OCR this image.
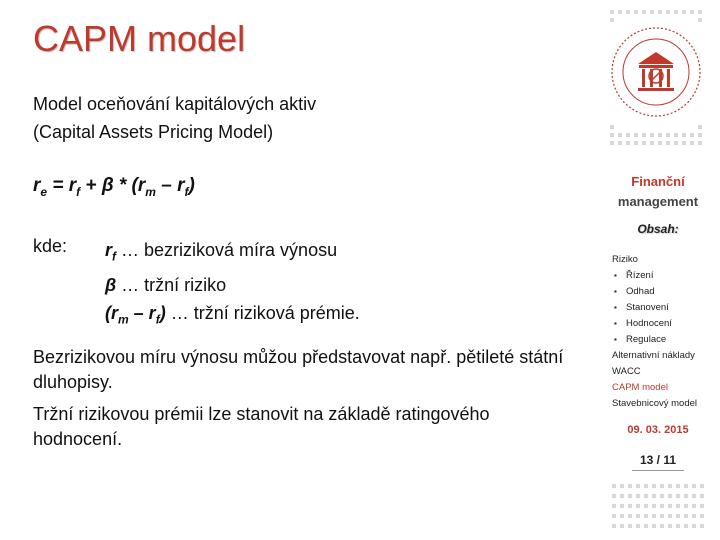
CAPM model
Model oceňování kapitálových aktiv
(Capital Assets Pricing Model)
$r_e = r_f + \beta * (r_m - r_f)$
kde: $r_f$ … bezriziková míra výnosu
β … tržní riziko
$(r_m - r_f)$ … tržní riziková prémie.
Bezrizikovou míru výnosu můžou představovat např. pětileté státní dluhopisy.
Tržní rizikovou prémii lze stanovit na základě ratingového hodnocení.
Finanční
management
Obsah:
Riziko
▪ Řízení
▪ Odhad
▪ Stanovení
▪ Hodnocení
▪ Regulace
Alternativní náklady
WACC
CAPM model
Stavebnicový model
09. 03. 2015
13 / 11
